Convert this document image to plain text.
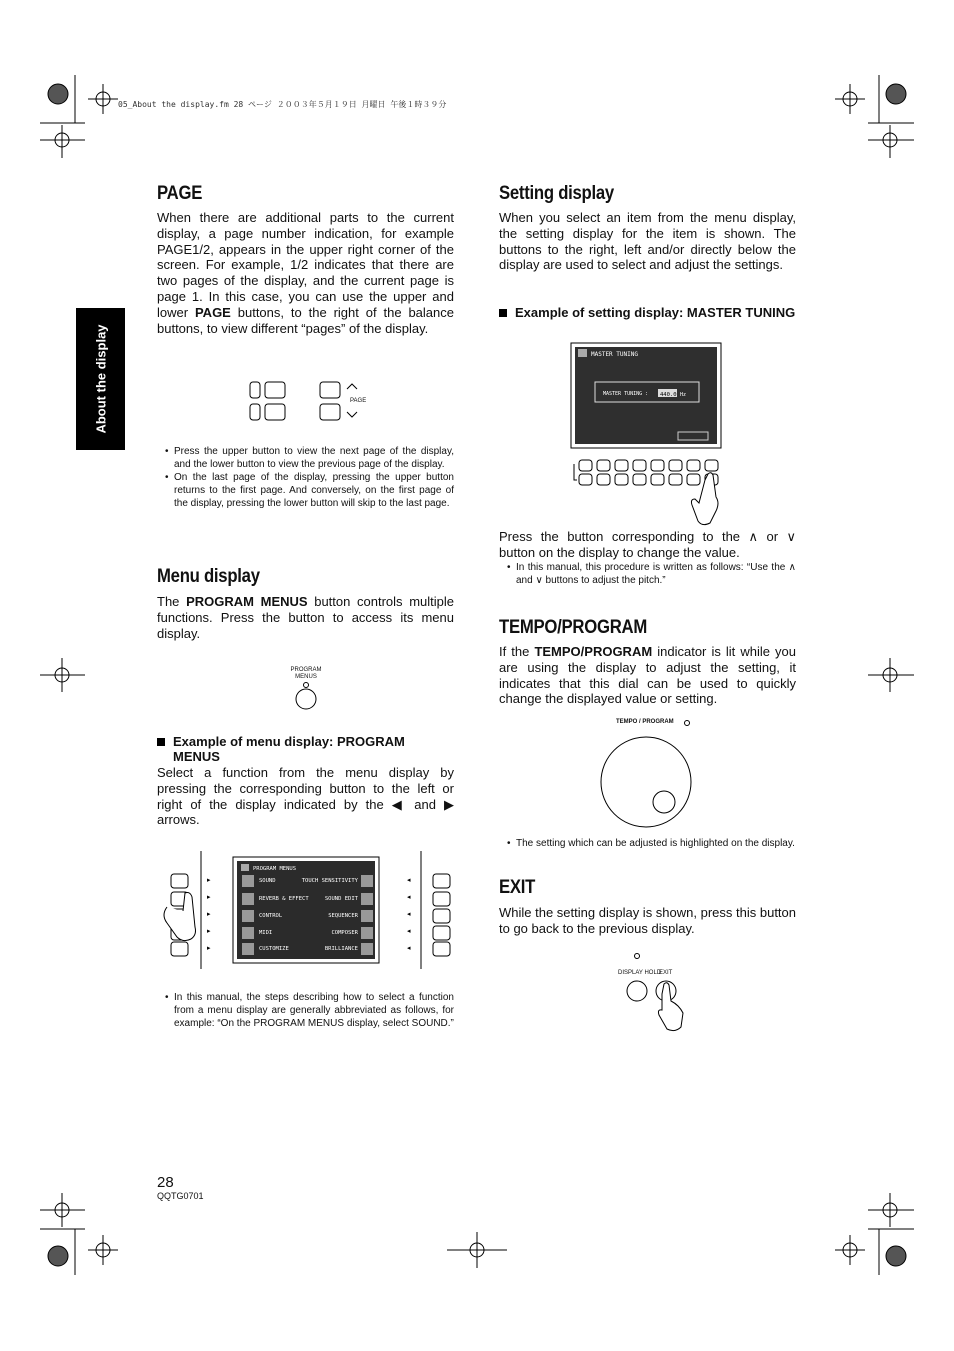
05_About the display.fm 28 ページ ２００３年５月１９日 月曜日 午後１時３９分
About the display
PAGE

When there are additional parts to the current display, a page number indication, for example PAGE1/2, appears in the upper right corner of the screen. For example, 1/2 indicates that there are two pages of the display, and the current page is page 1. In this case, you can use the upper and lower PAGE buttons, to the right of the balance buttons, to view different “pages” of the display.

PAGE
• Press the upper button to view the next page of the display, and the lower button to view the previous page of the display.
• On the last page of the display, pressing the upper button returns to the first page. And conversely, on the first page of the display, pressing the lower button will skip to the last page.
Menu display

The PROGRAM MENUS button controls multiple functions. Press the button to access its menu display.

PROGRAM MENUS
Example of menu display: PROGRAM MENUS

Select a function from the menu display by pressing the corresponding button to the left or right of the display indicated by the ◀ and ▶ arrows.

▸
▸
▸
▸
▸
◂
◂
◂
◂
◂
PROGRAM MENUS
SOUND
REVERB & EFFECT
CONTROL
MIDI
CUSTOMIZE
TOUCH SENSITIVITY
SOUND EDIT
SEQUENCER
COMPOSER
BRILLIANCE
• In this manual, the steps describing how to select a function from a menu display are generally abbreviated as follows, for example: “On the PROGRAM MENUS display, select SOUND.”
Setting display

When you select an item from the menu display, the setting display for the item is shown. The buttons to the right, left and/or directly below the display are used to select and adjust the settings.

Example of setting display: MASTER TUNING
MASTER TUNING
MASTER TUNING : 440.0 Hz

Press the button corresponding to the ∧ or ∨ button on the display to change the value.

• In this manual, this procedure is written as follows: “Use the ∧ and ∨ buttons to adjust the pitch.”
TEMPO/PROGRAM

If the TEMPO/PROGRAM indicator is lit while you are using the display to adjust the setting, it indicates that this dial can be used to quickly change the displayed value or setting.

TEMPO / PROGRAM
• The setting which can be adjusted is highlighted on the display.
EXIT

While the setting display is shown, press this button to go back to the previous display.

DISPLAY HOLD
EXIT
28
QQTG0701
